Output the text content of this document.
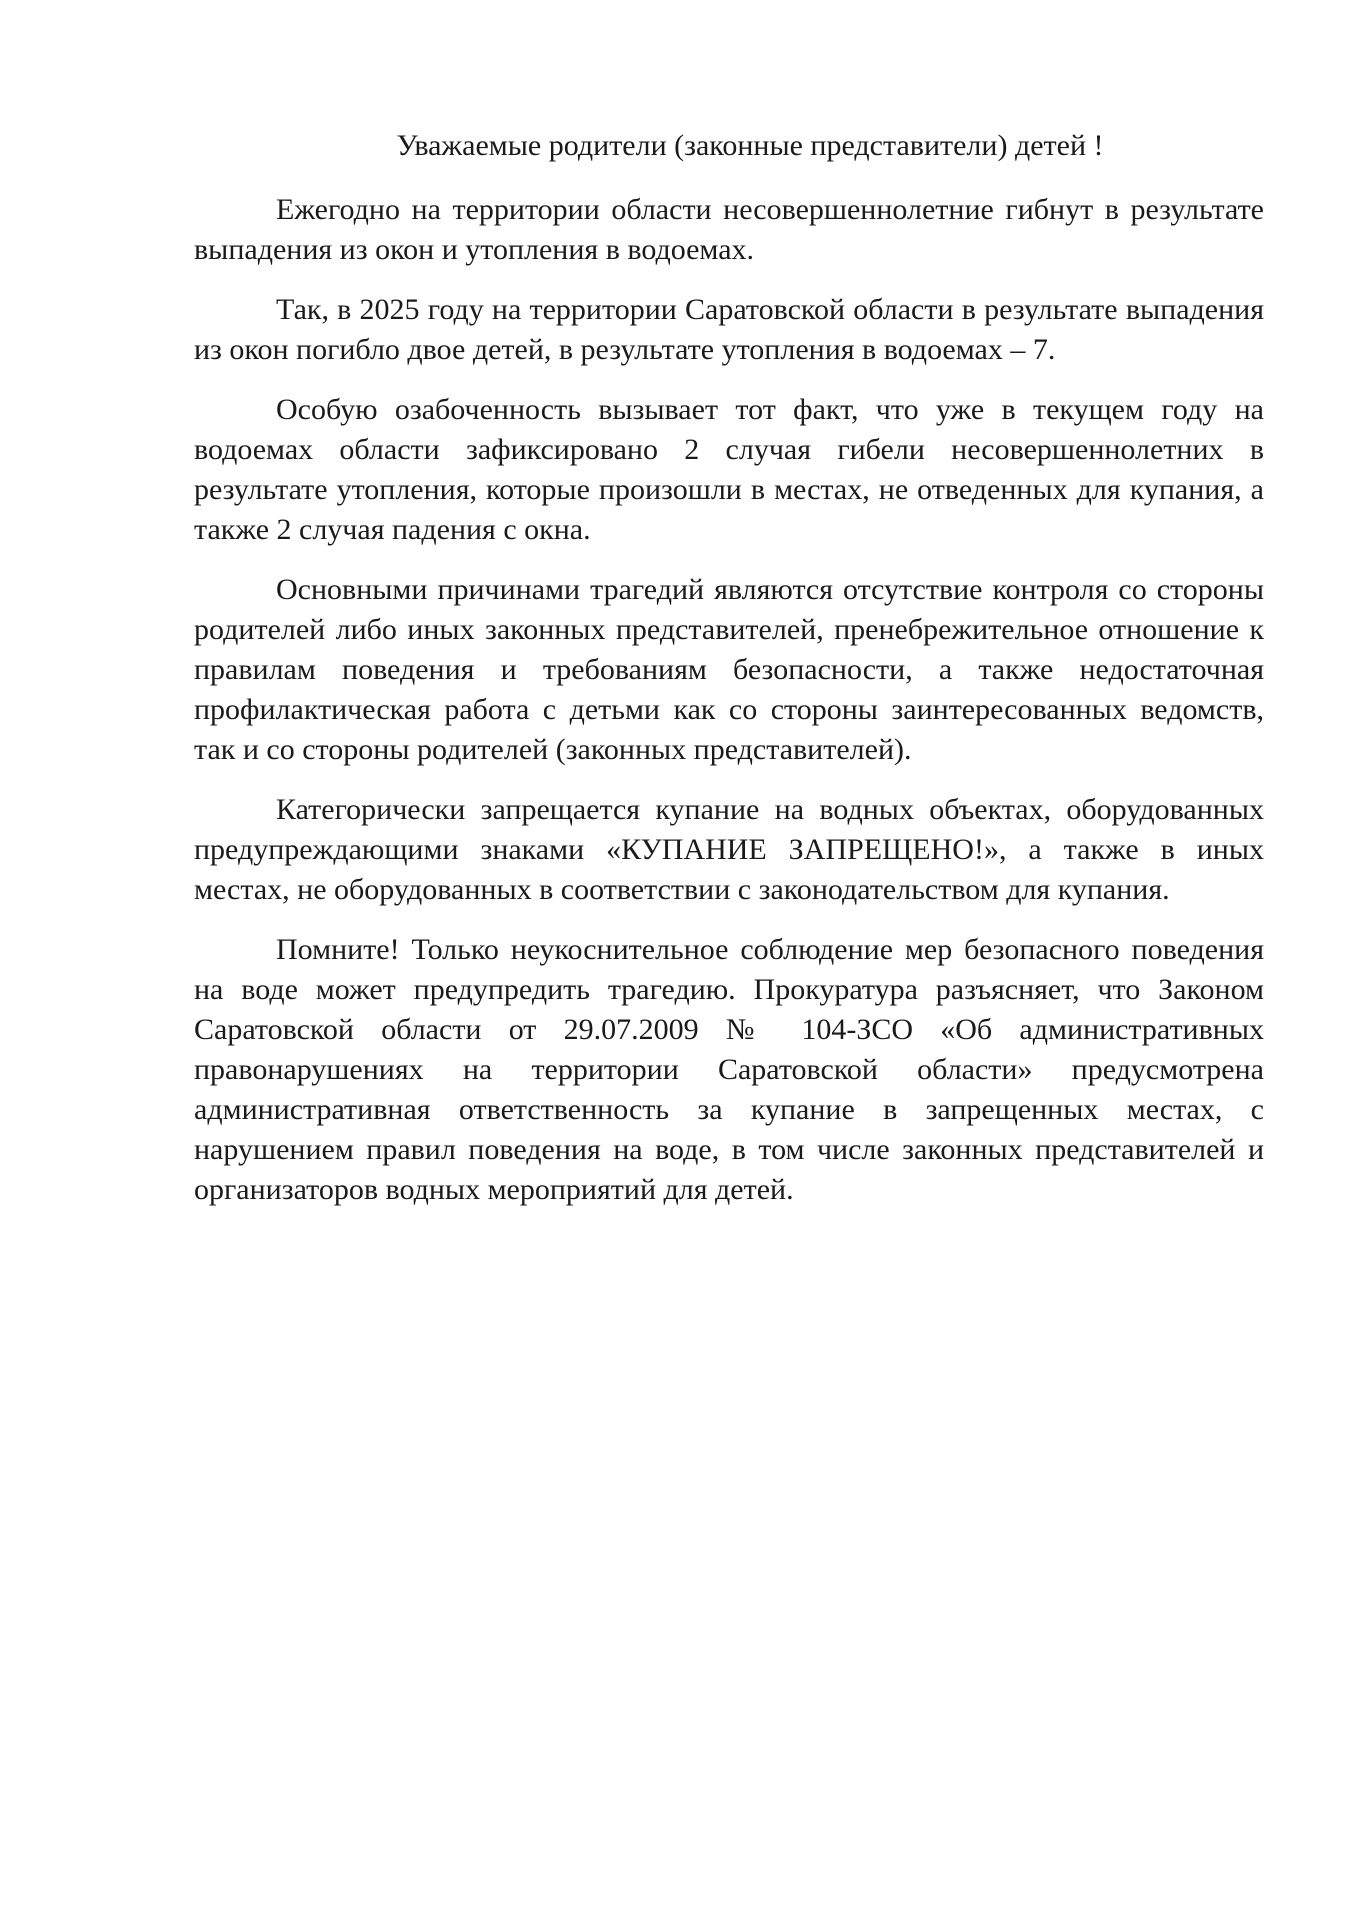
Уважаемые родители (законные представители) детей !

Ежегодно на территории области несовершеннолетние гибнут в результате выпадения из окон и утопления в водоемах.

Так, в 2025 году на территории Саратовской области в результате выпадения из окон погибло двое детей, в результате утопления в водоемах – 7.

Особую озабоченность вызывает тот факт, что уже в текущем году на водоемах области зафиксировано 2 случая гибели несовершеннолетних в результате утопления, которые произошли в местах, не отведенных для купания, а также 2 случая падения с окна.

Основными причинами трагедий являются отсутствие контроля со стороны родителей либо иных законных представителей, пренебрежительное отношение к правилам поведения и требованиям безопасности, а также недостаточная профилактическая работа с детьми как со стороны заинтересованных ведомств, так и со стороны родителей (законных представителей).

Категорически запрещается купание на водных объектах, оборудованных предупреждающими знаками «КУПАНИЕ ЗАПРЕЩЕНО!», а также в иных местах, не оборудованных в соответствии с законодательством для купания.

Помните! Только неукоснительное соблюдение мер безопасного поведения на воде может предупредить трагедию. Прокуратура разъясняет, что Законом Саратовской области от 29.07.2009 № 104-ЗСО «Об административных правонарушениях на территории Саратовской области» предусмотрена административная ответственность за купание в запрещенных местах, с нарушением правил поведения на воде, в том числе законных представителей и организаторов водных мероприятий для детей.
